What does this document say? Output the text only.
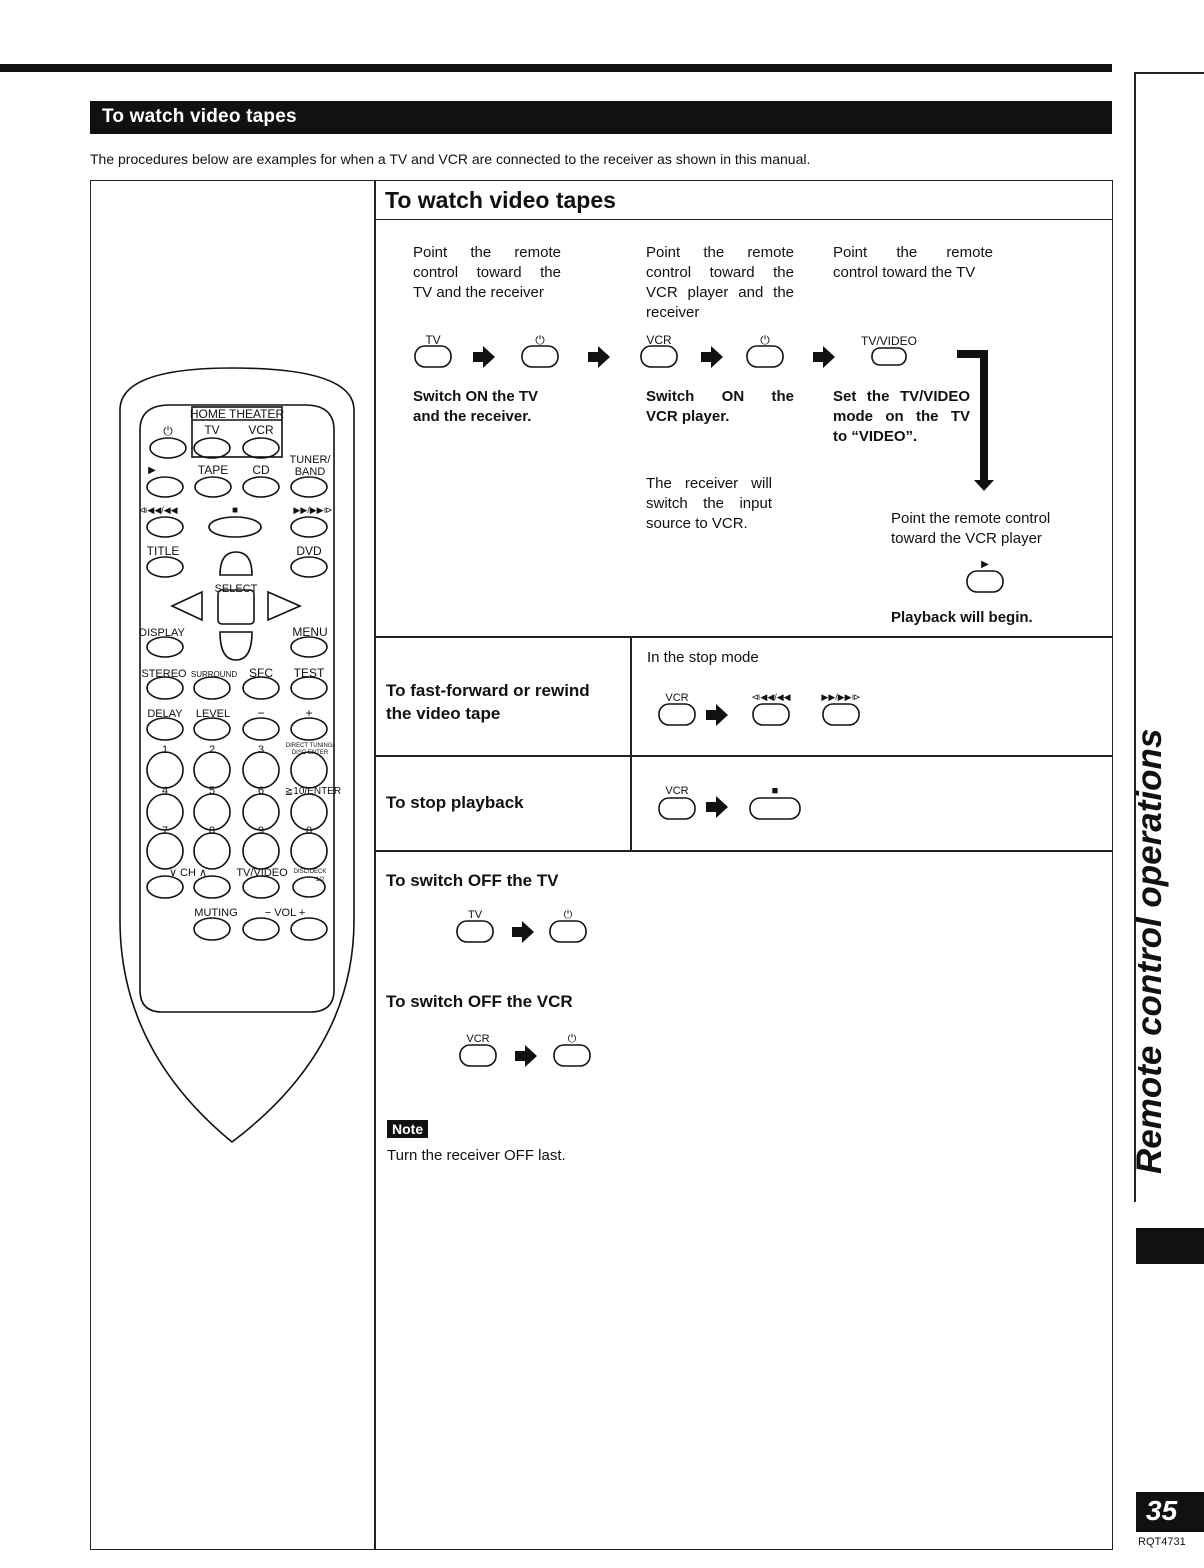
To watch video tapes
The procedures below are examples for when a TV and VCR are connected to the receiver as shown in this manual.
To watch video tapes
Point the remote
control toward the
TV and the receiver
Switch ON the TV
and the receiver.
Point the remote
control toward the
VCR player and the
receiver
Switch ON the
VCR player.
The receiver will
switch the input
source to VCR.
Point the remote
control toward the TV
Set the TV/VIDEO
mode on the TV
to “VIDEO”.
Point the remote control
toward the VCR player
Playback will begin.
TV	⏻	VCR	⏻	TV/VIDEO
▶
To fast-forward or rewind
the video tape
In the stop mode
VCR	⧏◀◀/◀◀	▶▶/▶▶⧐
To stop playback
VCR	■
To switch OFF the TV
TV	⏻
To switch OFF the VCR
VCR	⏻
Note
Turn the receiver OFF last.
HOME THEATER
⏻	TV VCR
▶	TAPE CD
TUNER/
BAND
⧏◀◀/◀◀	■	▶▶/▶▶⧐
TITLE	DVD
SELECT
DISPLAY	MENU
STEREO SURROUND SFC TEST
DELAY LEVEL −	+
1	2	3	DIRECT TUNING/
DISC ENTER
4	5	6 ≧10/ENTER
7	8	9	0
∨ CH ∧	TV/VIDEO DISC/DECK
1/2
MUTING − VOL +	Remote control operations
35
RQT4731
